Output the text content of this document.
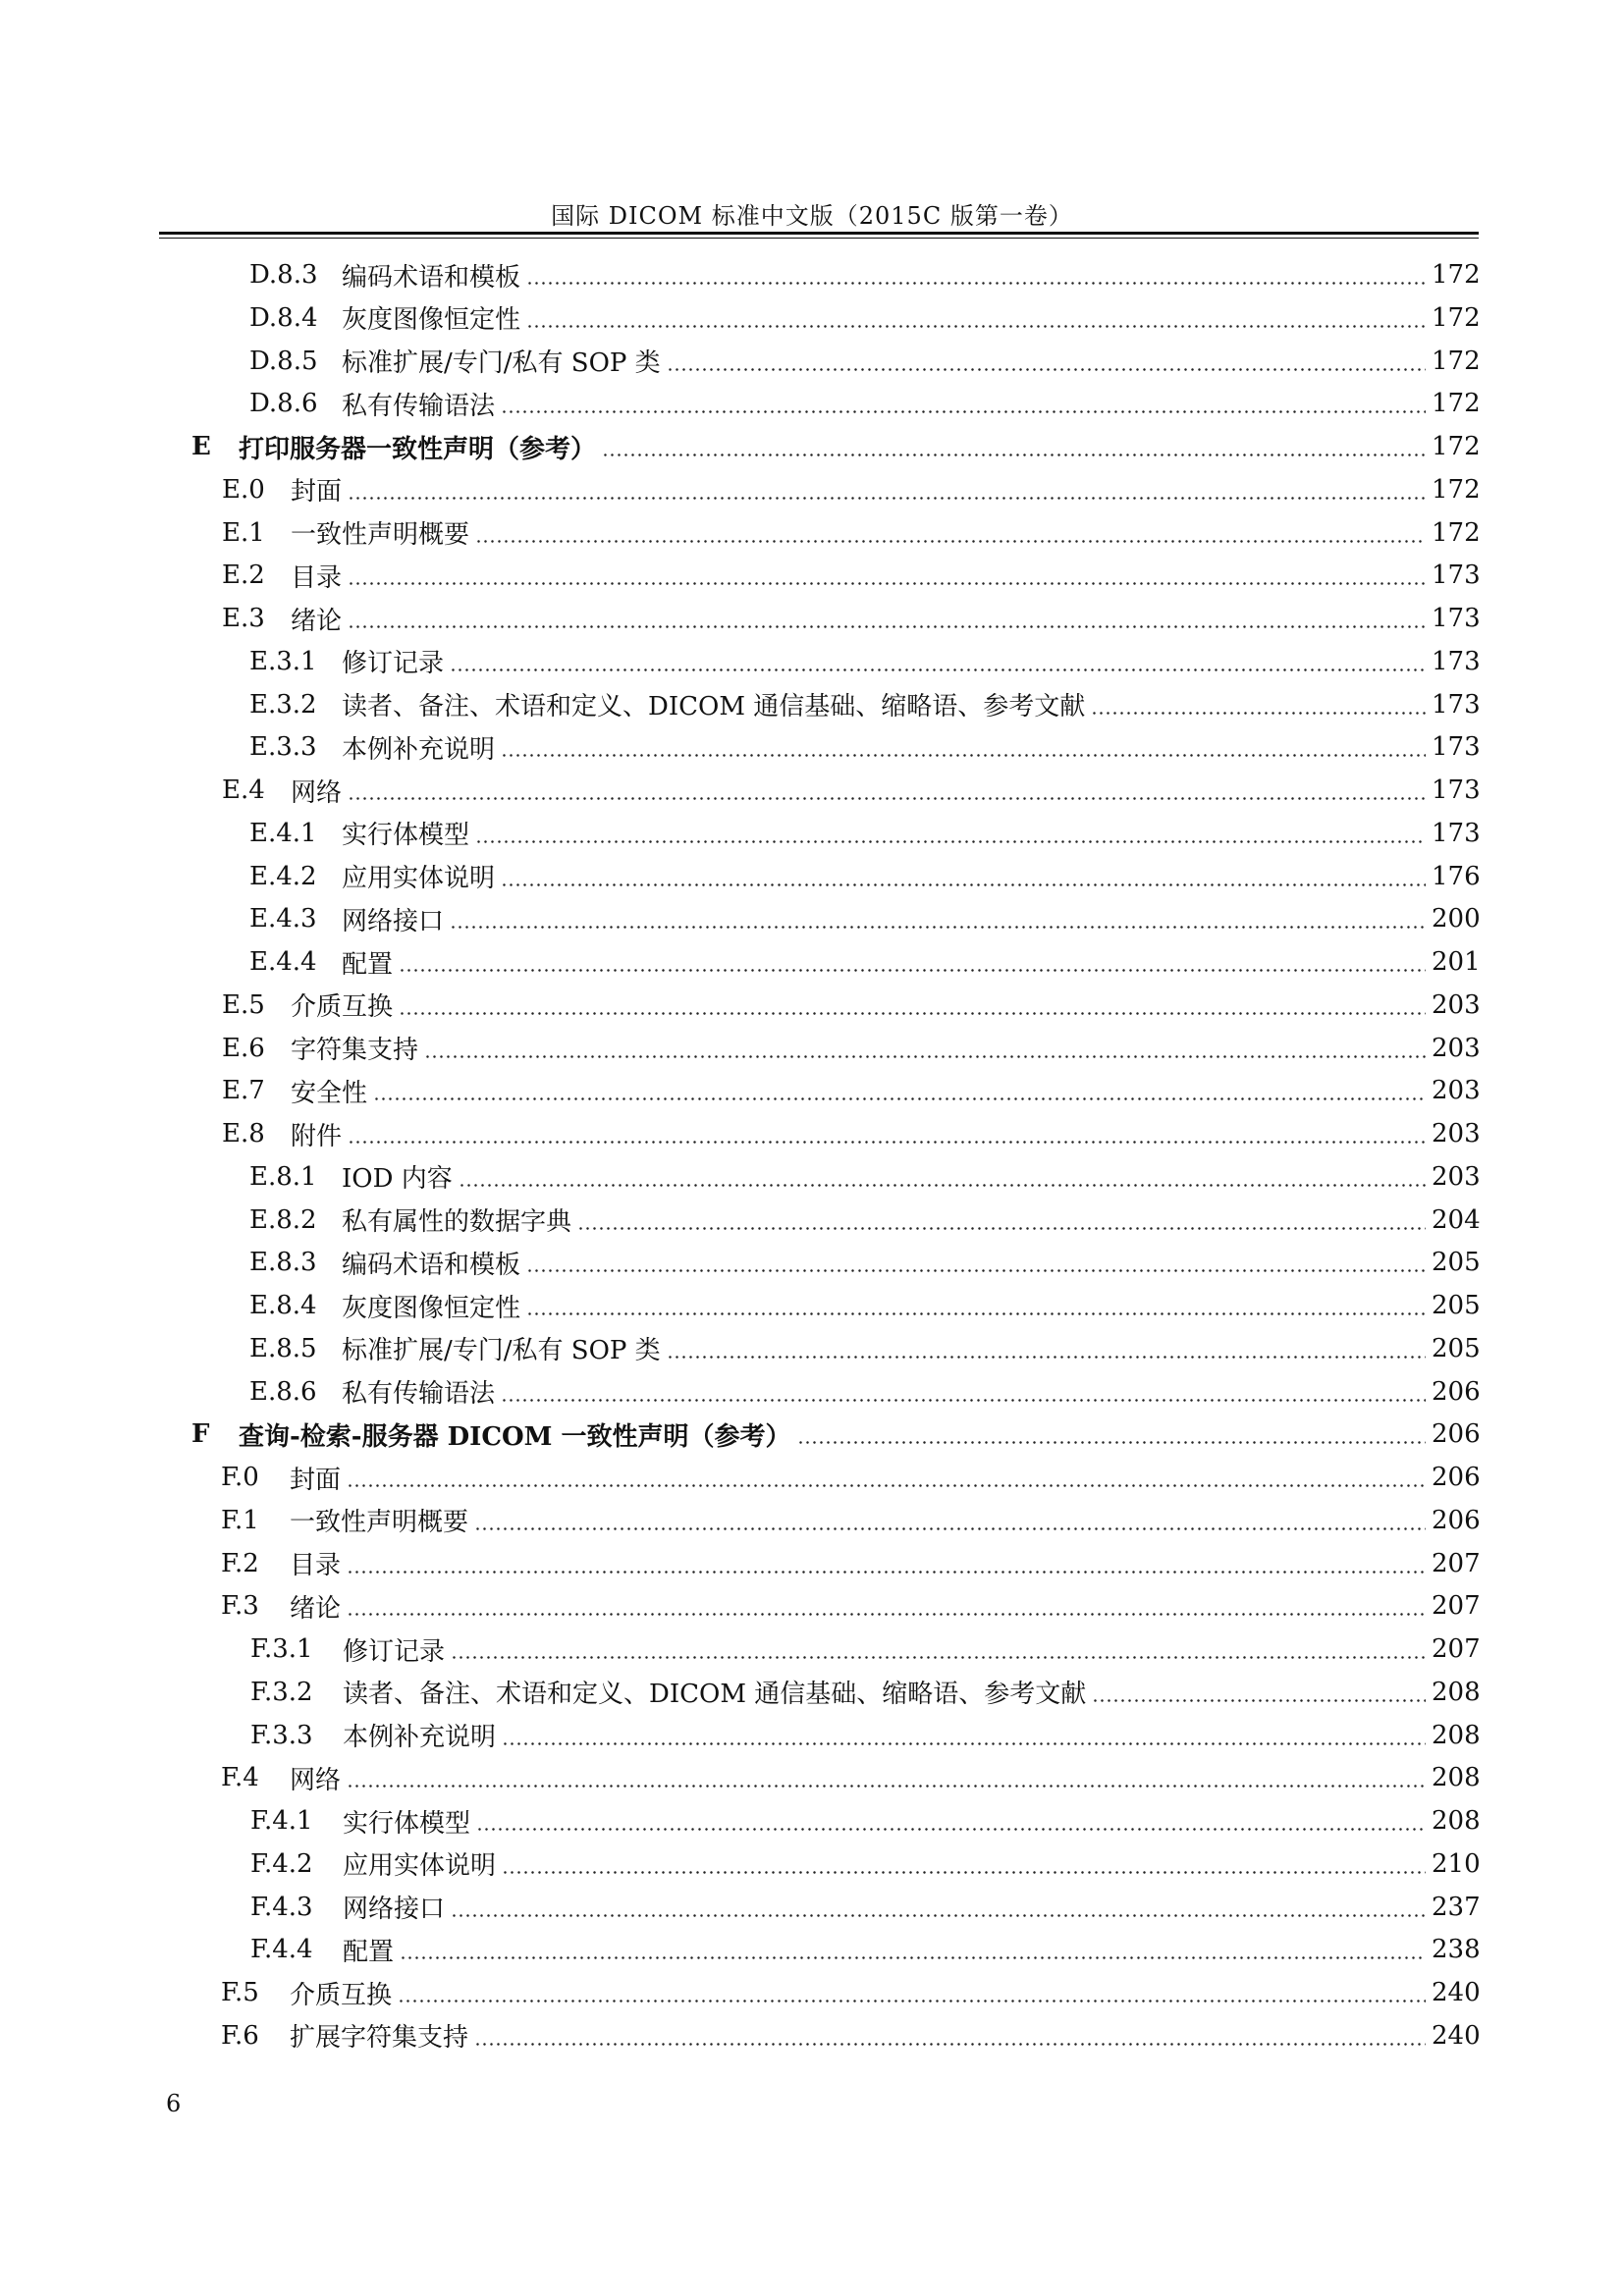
国际 DICOM 标准中文版（2015C 版第一卷）
D.8.3 编码术语和模板	172
D.8.4 灰度图像恒定性	172
D.8.5 标准扩展/专门/私有 SOP 类	172
D.8.6 私有传输语法	172
E	打印服务器一致性声明（参考）	172
E.0	封面	172
E.1	一致性声明概要	172
E.2	目录	173
E.3	绪论	173
E.3.1 修订记录	173
E.3.2 读者、备注、术语和定义、DICOM 通信基础、缩略语、参考文献	173
E.3.3 本例补充说明	173
E.4	网络	173
E.4.1 实行体模型	173
E.4.2 应用实体说明	176
E.4.3 网络接口	200
E.4.4 配置	201
E.5	介质互换	203
E.6	字符集支持	203
E.7	安全性	203
E.8	附件	203
E.8.1 IOD 内容	203
E.8.2 私有属性的数据字典	204
E.8.3 编码术语和模板	205
E.8.4 灰度图像恒定性	205
E.8.5 标准扩展/专门/私有 SOP 类	205
E.8.6 私有传输语法	206
F	查询-检索-服务器 DICOM 一致性声明（参考）	206
F.0	封面	206
F.1	一致性声明概要	206
F.2	目录	207
F.3	绪论	207
F.3.1	修订记录	207
F.3.2	读者、备注、术语和定义、DICOM 通信基础、缩略语、参考文献	208
F.3.3	本例补充说明	208
F.4	网络	208
F.4.1	实行体模型	208
F.4.2	应用实体说明	210
F.4.3	网络接口	237
F.4.4	配置	238
F.5	介质互换	240
F.6	扩展字符集支持	240
6
